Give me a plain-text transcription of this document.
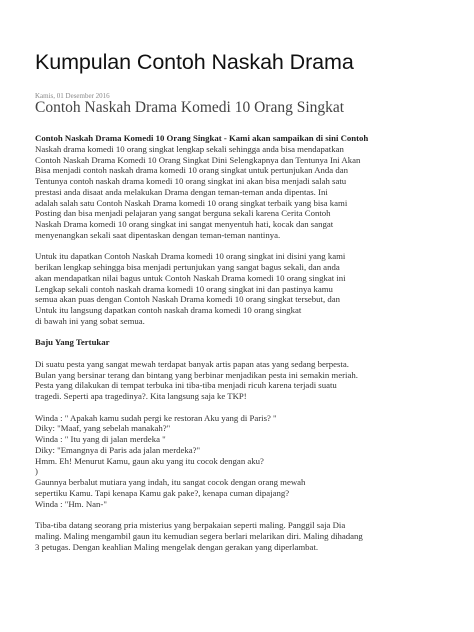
Kumpulan Contoh Naskah Drama
Kamis, 01 Desember 2016
Contoh Naskah Drama Komedi 10 Orang Singkat
Contoh Naskah Drama Komedi 10 Orang Singkat - Kami akan sampaikan di sini Contoh
Naskah drama komedi 10 orang singkat lengkap sekali sehingga anda bisa mendapatkan
Contoh Naskah Drama Komedi 10 Orang Singkat Dini Selengkapnya dan Tentunya Ini Akan
Bisa menjadi contoh naskah drama komedi 10 orang singkat untuk pertunjukan Anda dan
Tentunya contoh naskah drama komedi 10 orang singkat ini akan bisa menjadi salah satu
prestasi anda disaat anda melakukan Drama dengan teman-teman anda dipentas. Ini
adalah salah satu Contoh Naskah Drama komedi 10 orang singkat terbaik yang bisa kami
Posting dan bisa menjadi pelajaran yang sangat berguna sekali karena Cerita Contoh
Naskah Drama komedi 10 orang singkat ini sangat menyentuh hati, kocak dan sangat
menyenangkan sekali saat dipentaskan dengan teman-teman nantinya.
Untuk itu dapatkan Contoh Naskah Drama komedi 10 orang singkat ini disini yang kami
berikan lengkap sehingga bisa menjadi pertunjukan yang sangat bagus sekali, dan anda
akan mendapatkan nilai bagus untuk Contoh Naskah Drama komedi 10 orang singkat ini
Lengkap sekali contoh naskah drama komedi 10 orang singkat ini dan pastinya kamu
semua akan puas dengan Contoh Naskah Drama komedi 10 orang singkat tersebut, dan
Untuk itu langsung dapatkan contoh naskah drama komedi 10 orang singkat
di bawah ini yang sobat semua.
Baju Yang Tertukar
Di suatu pesta yang sangat mewah terdapat banyak artis papan atas yang sedang berpesta.
Bulan yang bersinar terang dan bintang yang berbinar menjadikan pesta ini semakin meriah.
Pesta yang dilakukan di tempat terbuka ini tiba-tiba menjadi ricuh karena terjadi suatu
tragedi. Seperti apa tragedinya?. Kita langsung saja ke TKP!
Winda : " Apakah kamu sudah pergi ke restoran Aku yang di Paris? "
Diky: "Maaf, yang sebelah manakah?"
Winda : " Itu yang di jalan merdeka "
Diky: "Emangnya di Paris ada jalan merdeka?"
Hmm. Eh! Menurut Kamu, gaun aku yang itu cocok dengan aku?
)
Gaunnya berbalut mutiara yang indah, itu sangat cocok dengan orang mewah
sepertiku Kamu. Tapi kenapa Kamu gak pake?, kenapa cuman dipajang?
Winda : "Hm. Nan-"
Tiba-tiba datang seorang pria misterius yang berpakaian seperti maling. Panggil saja Dia
maling. Maling mengambil gaun itu kemudian segera berlari melarikan diri. Maling dihadang
3 petugas. Dengan keahlian Maling mengelak dengan gerakan yang diperlambat.
